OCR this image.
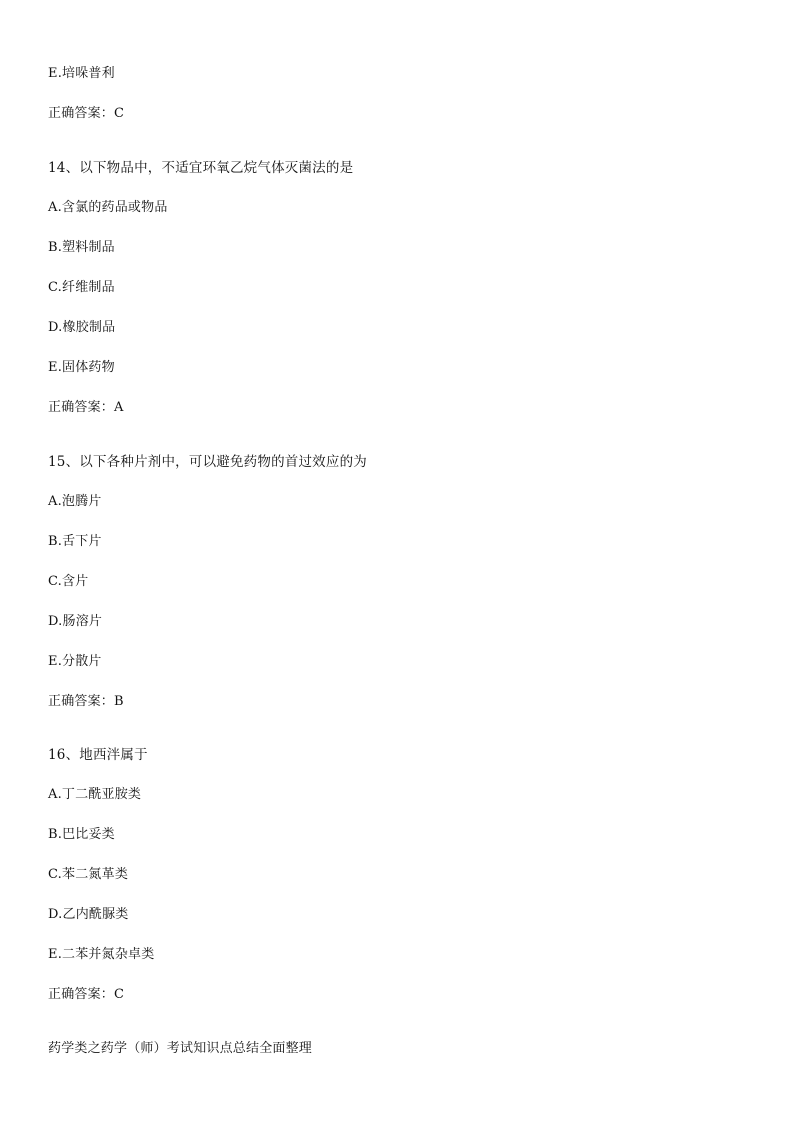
E.培哚普利
正确答案：C
14、以下物品中，不适宜环氧乙烷气体灭菌法的是
A.含氯的药品或物品
B.塑料制品
C.纤维制品
D.橡胶制品
E.固体药物
正确答案：A
15、以下各种片剂中，可以避免药物的首过效应的为
A.泡腾片
B.舌下片
C.含片
D.肠溶片
E.分散片
正确答案：B
16、地西泮属于
A.丁二酰亚胺类
B.巴比妥类
C.苯二氮革类
D.乙内酰脲类
E.二苯并氮杂卓类
正确答案：C
药学类之药学（师）考试知识点总结全面整理
